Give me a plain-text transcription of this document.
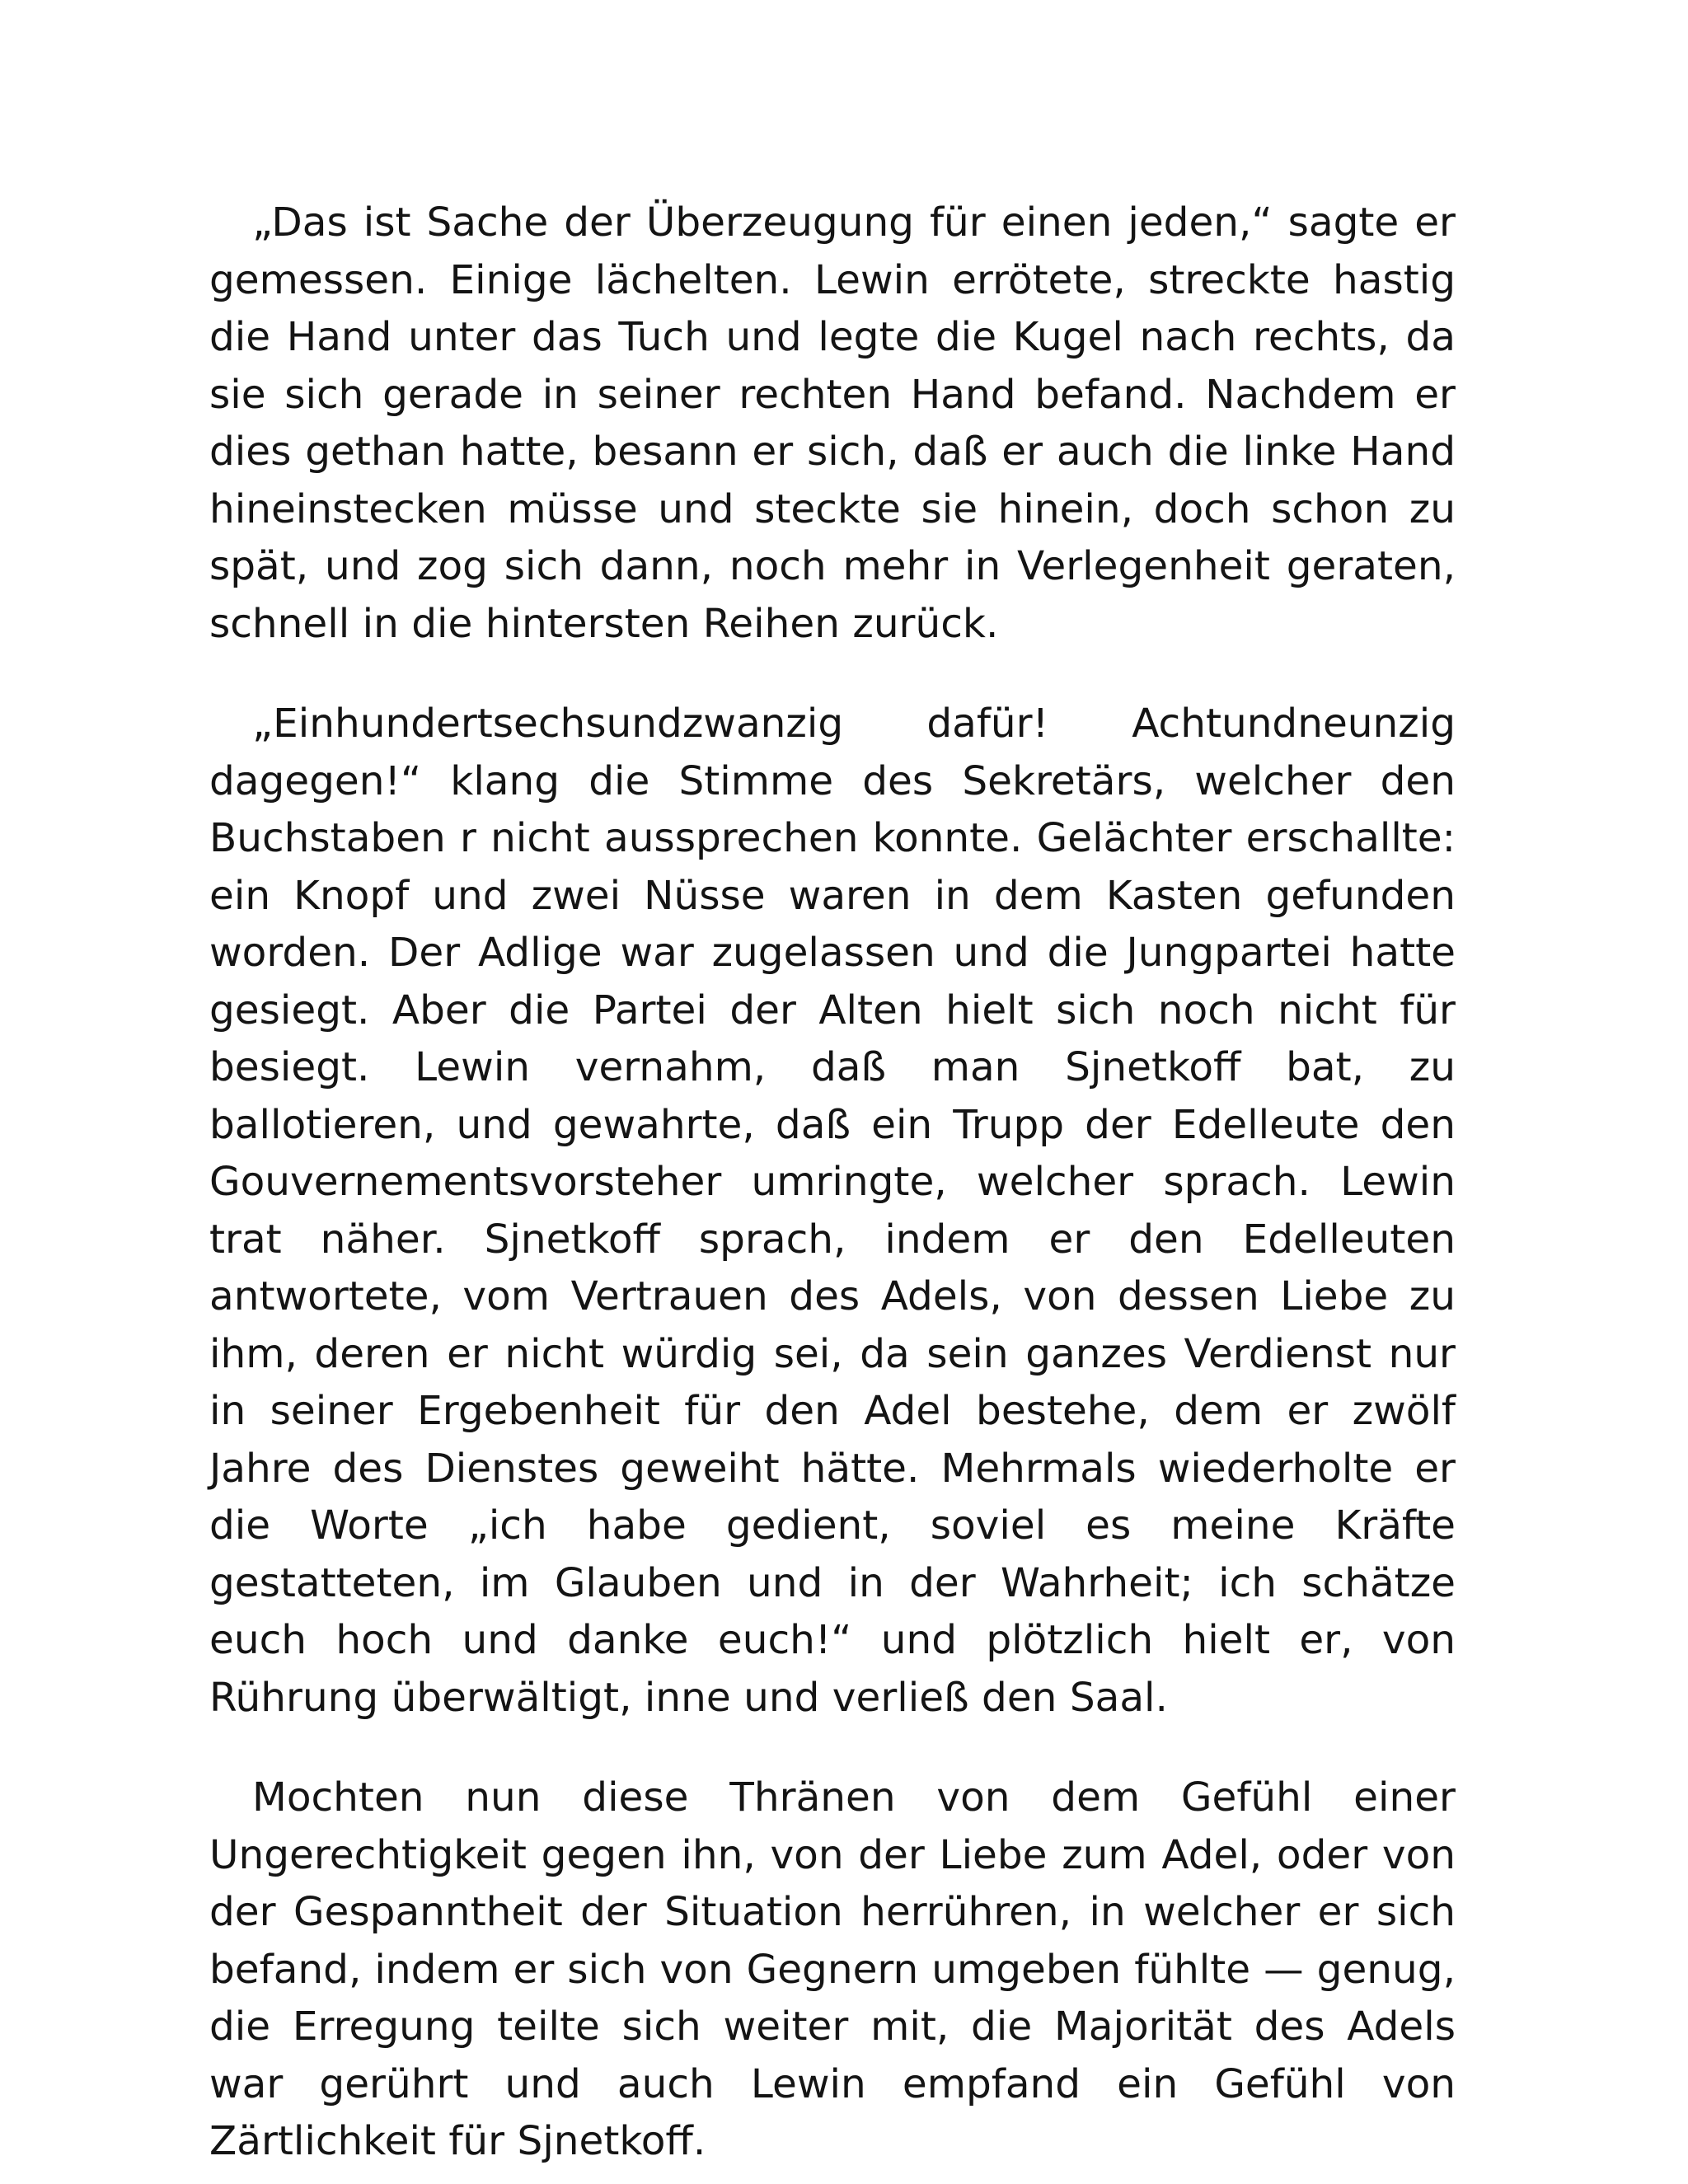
„Das ist Sache der Überzeugung für einen jeden,“ sagte er gemessen. Einige lächelten. Lewin errötete, streckte hastig die Hand unter das Tuch und legte die Kugel nach rechts, da sie sich gerade in seiner rechten Hand befand. Nachdem er dies gethan hatte, besann er sich, daß er auch die linke Hand hineinstecken müsse und steckte sie hinein, doch schon zu spät, und zog sich dann, noch mehr in Verlegenheit geraten, schnell in die hintersten Reihen zurück.

„Einhundertsechsundzwanzig dafür! Achtundneunzig dagegen!“ klang die Stimme des Sekretärs, welcher den Buchstaben r nicht aussprechen konnte. Gelächter erschallte: ein Knopf und zwei Nüsse waren in dem Kasten gefunden worden. Der Adlige war zugelassen und die Jungpartei hatte gesiegt. Aber die Partei der Alten hielt sich noch nicht für besiegt. Lewin vernahm, daß man Sjnetkoff bat, zu ballotieren, und gewahrte, daß ein Trupp der Edelleute den Gouvernementsvorsteher umringte, welcher sprach. Lewin trat näher. Sjnetkoff sprach, indem er den Edelleuten antwortete, vom Vertrauen des Adels, von dessen Liebe zu ihm, deren er nicht würdig sei, da sein ganzes Verdienst nur in seiner Ergebenheit für den Adel bestehe, dem er zwölf Jahre des Dienstes geweiht hätte. Mehrmals wiederholte er die Worte „ich habe gedient, soviel es meine Kräfte gestatteten, im Glauben und in der Wahrheit; ich schätze euch hoch und danke euch!“ und plötzlich hielt er, von Rührung überwältigt, inne und verließ den Saal.

Mochten nun diese Thränen von dem Gefühl einer Ungerechtigkeit gegen ihn, von der Liebe zum Adel, oder von der Gespanntheit der Situation herrühren, in welcher er sich befand, indem er sich von Gegnern umgeben fühlte — genug, die Erregung teilte sich weiter mit, die Majorität des Adels war gerührt und auch Lewin empfand ein Gefühl von Zärtlichkeit für Sjnetkoff.
